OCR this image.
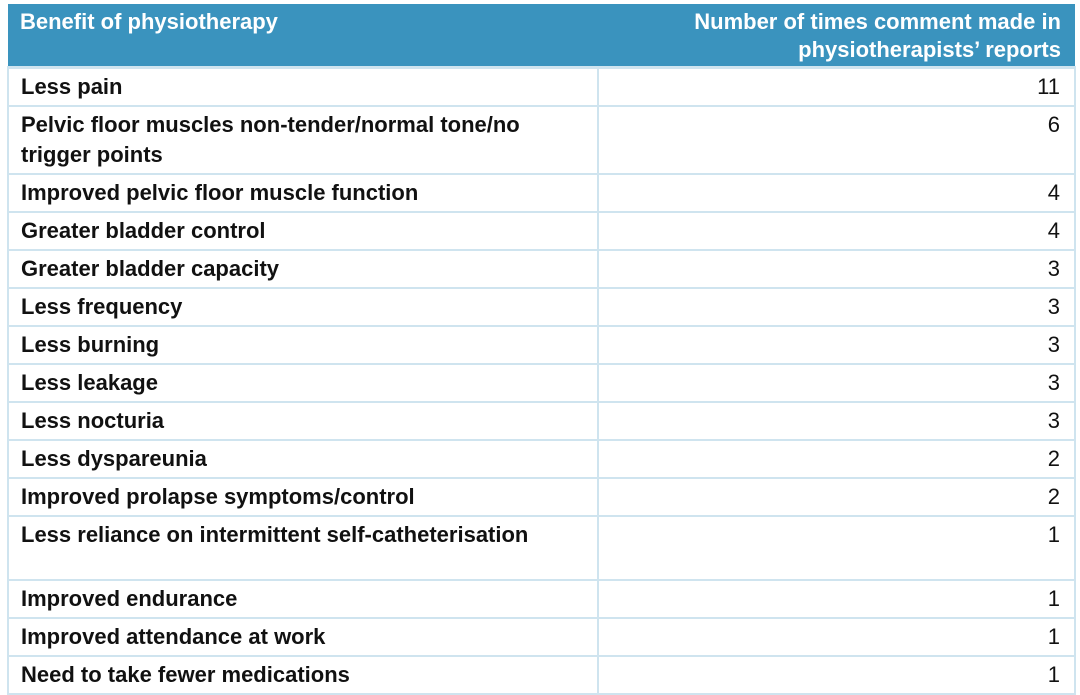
Benefit of physiotherapy	Number of times comment made in physiotherapists’ reports
Less pain	11
Pelvic floor muscles non-tender/normal tone/no trigger points	6
Improved pelvic floor muscle function	4
Greater bladder control	4
Greater bladder capacity	3
Less frequency	3
Less burning	3
Less leakage	3
Less nocturia	3
Less dyspareunia	2
Improved prolapse symptoms/control	2
Less reliance on intermittent self-catheterisation	1
Improved endurance	1
Improved attendance at work	1
Need to take fewer medications	1
